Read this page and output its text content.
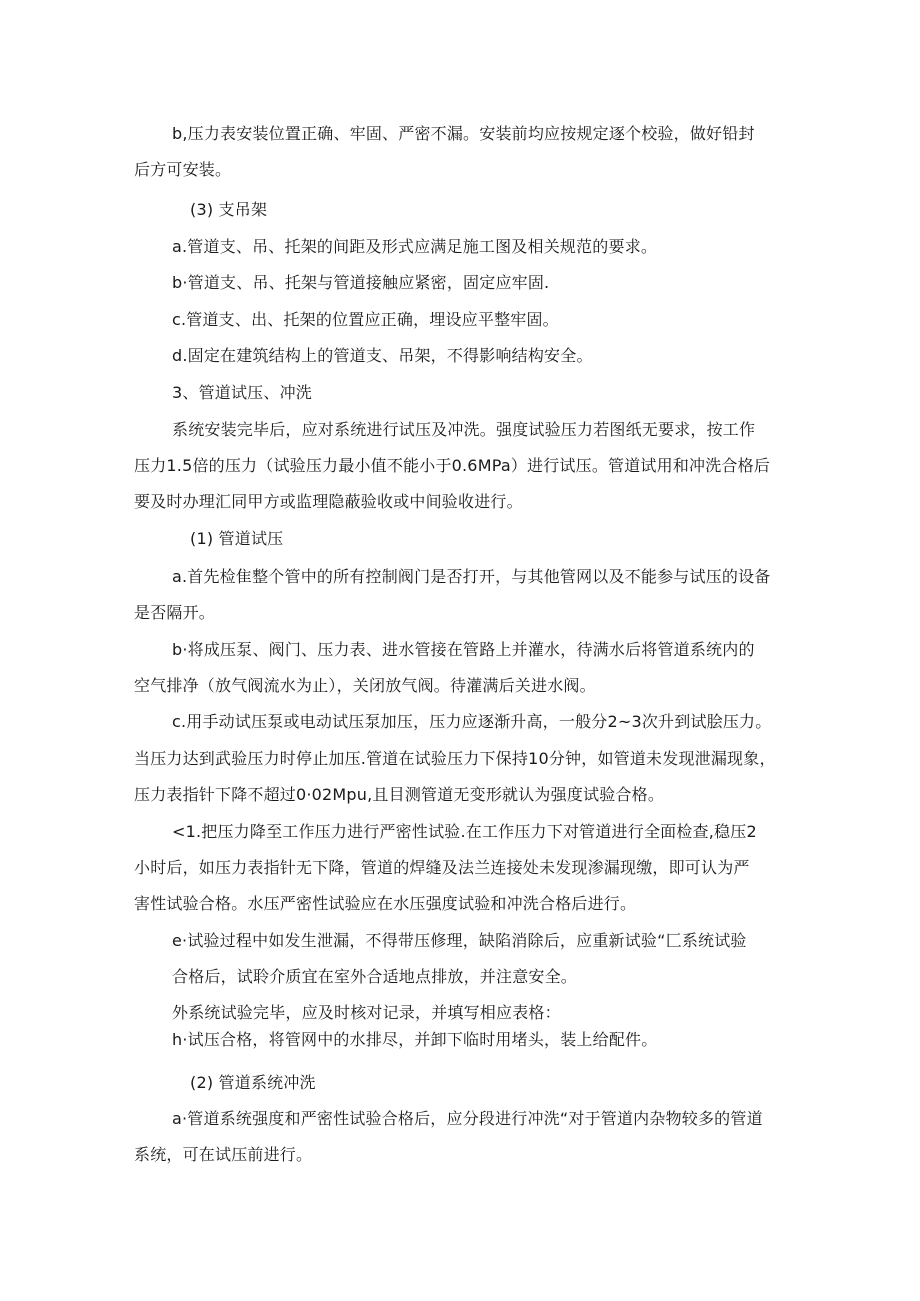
b,压力表安装位置正确、牢固、严密不漏。安装前均应按规定逐个校验，做好铅封
后方可安装。
(3) 支吊架
a.管道支、吊、托架的间距及形式应满足施工图及相关规范的要求。
b·管道支、吊、托架与管道接触应紧密，固定应牢固.
c.管道支、出、托架的位置应正确，埋设应平整牢固。
d.固定在建筑结构上的管道支、吊架，不得影响结构安全。
3、管道试压、冲洗
系统安装完毕后，应对系统进行试压及冲洗。强度试验压力若图纸无要求，按工作
压力1.5倍的压力（试验压力最小值不能小于0.6MPa）进行试压。管道试用和冲洗合格后
要及时办理汇同甲方或监理隐蔽验收或中间验收进行。
(1) 管道试压
a.首先检隹整个管中的所有控制阀门是否打开，与其他管网以及不能参与试压的设备
是否隔开。
b·将成压泵、阀门、压力表、进水管接在管路上并灌水，待满水后将管道系统内的
空气排净（放气阀流水为止），关闭放气阀。待灌满后关进水阀。
c.用手动试压泵或电动试压泵加压，压力应逐渐升高，一般分2~3次升到试脍压力。
当压力达到武验压力时停止加压.管道在试验压力下保持10分钟，如管道未发现泄漏现象，
压力表指针下降不超过0·02Mpu,且目测管道无变形就认为强度试验合格。
<1.把压力降至工作压力进行严密性试验.在工作压力下对管道进行全面检查,稳压2
小时后，如压力表指针无下降，管道的焊缝及法兰连接处未发现渗漏现缴，即可认为严
害性试验合格。水压严密性试验应在水压强度试验和冲洗合格后进行。
e·试验过程中如发生泄漏，不得带压修理，缺陷消除后，应重新试验“匚系统试验
合格后，试聆介质宜在室外合适地点排放，并注意安全。
外系统试验完毕，应及时核对记录，并填写相应表格：
h·试压合格，将管网中的水排尽，并卸下临时用堵头，装上给配件。
(2) 管道系统冲洗
a·管道系统强度和严密性试验合格后，应分段进行冲洗“对于管道内杂物较多的管道
系统，可在试压前进行。
